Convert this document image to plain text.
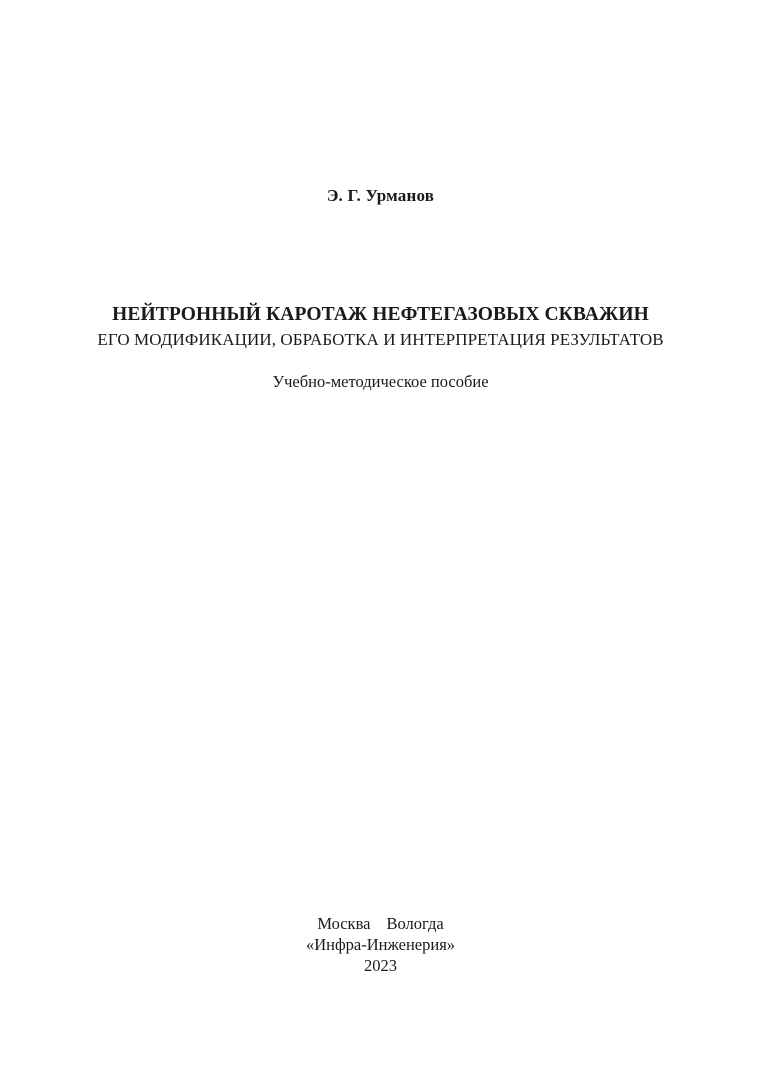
Э. Г. Урманов
НЕЙТРОННЫЙ КАРОТАЖ НЕФТЕГАЗОВЫХ СКВАЖИН
ЕГО МОДИФИКАЦИИ, ОБРАБОТКА И ИНТЕРПРЕТАЦИЯ РЕЗУЛЬТАТОВ
Учебно-методическое пособие
Москва Вологда
«Инфра-Инженерия»
2023
